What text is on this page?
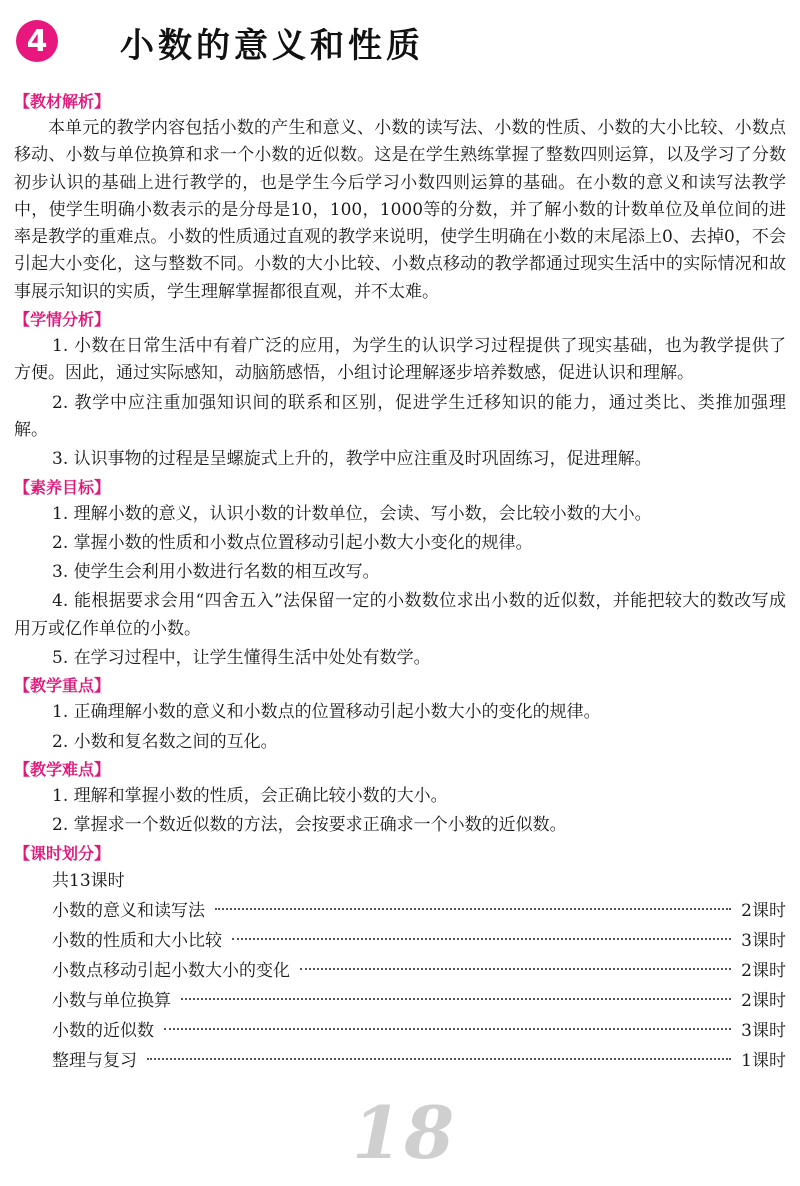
4	小数的意义和性质
【教材解析】

本单元的教学内容包括小数的产生和意义、小数的读写法、小数的性质、小数的大小比较、小数点移动、小数与单位换算和求一个小数的近似数。这是在学生熟练掌握了整数四则运算，以及学习了分数初步认识的基础上进行教学的，也是学生今后学习小数四则运算的基础。在小数的意义和读写法教学中，使学生明确小数表示的是分母是10，100，1000等的分数，并了解小数的计数单位及单位间的进率是教学的重难点。小数的性质通过直观的教学来说明，使学生明确在小数的末尾添上0、去掉0，不会引起大小变化，这与整数不同。小数的大小比较、小数点移动的教学都通过现实生活中的实际情况和故事展示知识的实质，学生理解掌握都很直观，并不太难。

【学情分析】

1. 小数在日常生活中有着广泛的应用，为学生的认识学习过程提供了现实基础，也为教学提供了方便。因此，通过实际感知，动脑筋感悟，小组讨论理解逐步培养数感，促进认识和理解。

2. 教学中应注重加强知识间的联系和区别，促进学生迁移知识的能力，通过类比、类推加强理解。

3. 认识事物的过程是呈螺旋式上升的，教学中应注重及时巩固练习，促进理解。

【素养目标】

1. 理解小数的意义，认识小数的计数单位，会读、写小数，会比较小数的大小。

2. 掌握小数的性质和小数点位置移动引起小数大小变化的规律。

3. 使学生会利用小数进行名数的相互改写。

4. 能根据要求会用“四舍五入”法保留一定的小数数位求出小数的近似数，并能把较大的数改写成用万或亿作单位的小数。

5. 在学习过程中，让学生懂得生活中处处有数学。

【教学重点】

1. 正确理解小数的意义和小数点的位置移动引起小数大小的变化的规律。

2. 小数和复名数之间的互化。

【教学难点】

1. 理解和掌握小数的性质，会正确比较小数的大小。

2. 掌握求一个数近似数的方法，会按要求正确求一个小数的近似数。

【课时划分】
共13课时
小数的意义和读写法	2课时
小数的性质和大小比较	3课时
小数点移动引起小数大小的变化	2课时
小数与单位换算	2课时
小数的近似数	3课时
整理与复习	1课时
18
